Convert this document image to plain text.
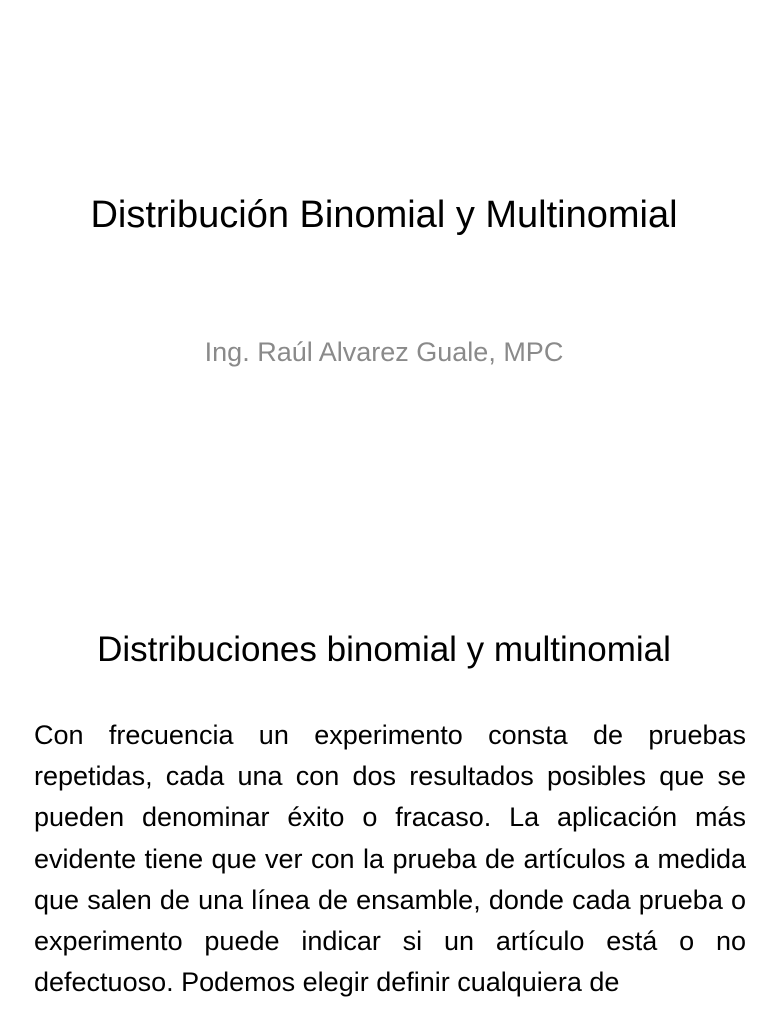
Distribución Binomial y Multinomial

Ing. Raúl Alvarez Guale, MPC

Distribuciones binomial y multinomial

Con frecuencia un experimento consta de pruebas repetidas, cada una con dos resultados posibles que se pueden denominar éxito o fracaso. La aplicación más evidente tiene que ver con la prueba de artículos a medida que salen de una línea de ensamble, donde cada prueba o experimento puede indicar si un artículo está o no defectuoso. Podemos elegir definir cualquiera de
